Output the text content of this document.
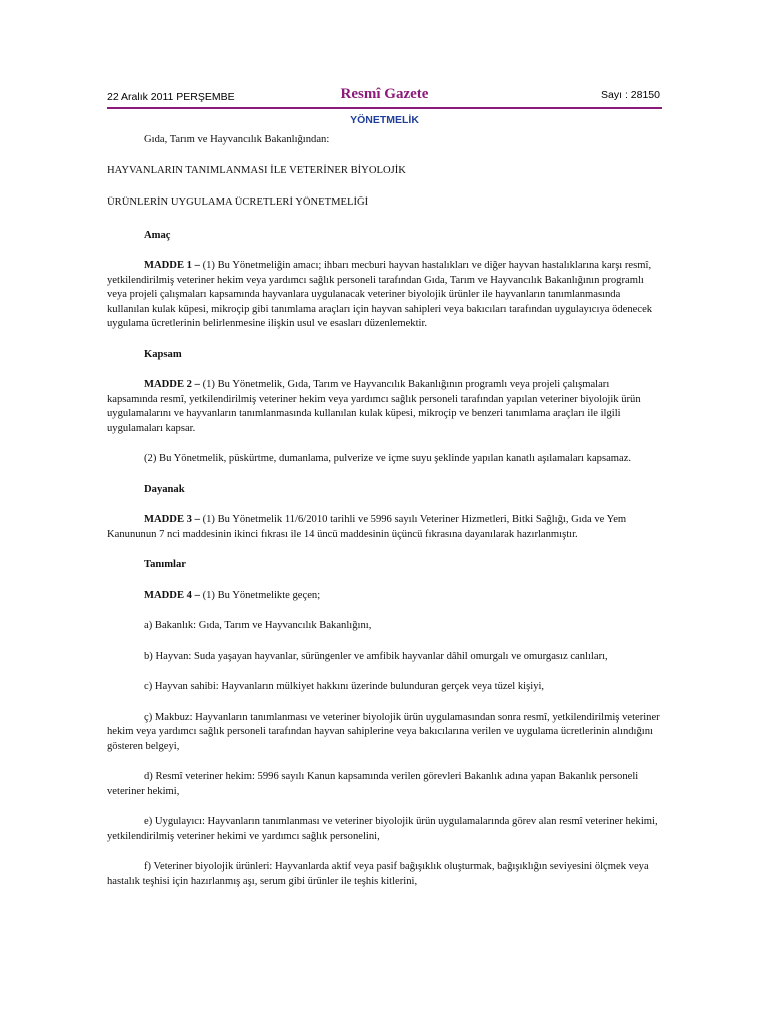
22 Aralık 2011 PERŞEMBE	Resmî Gazete	Sayı : 28150
YÖNETMELİK

Gıda, Tarım ve Hayvancılık Bakanlığından:

HAYVANLARIN TANIMLANMASI İLE VETERİNER BİYOLOJİK

ÜRÜNLERİN UYGULAMA ÜCRETLERİ YÖNETMELİĞİ

Amaç

MADDE 1 – (1) Bu Yönetmeliğin amacı; ihbarı mecburi hayvan hastalıkları ve diğer hayvan hastalıklarına karşı resmî, yetkilendirilmiş veteriner hekim veya yardımcı sağlık personeli tarafından Gıda, Tarım ve Hayvancılık Bakanlığının programlı veya projeli çalışmaları kapsamında hayvanlara uygulanacak veteriner biyolojik ürünler ile hayvanların tanımlanmasında kullanılan kulak küpesi, mikroçip gibi tanımlama araçları için hayvan sahipleri veya bakıcıları tarafından uygulayıcıya ödenecek uygulama ücretlerinin belirlenmesine ilişkin usul ve esasları düzenlemektir.

Kapsam

MADDE 2 – (1) Bu Yönetmelik, Gıda, Tarım ve Hayvancılık Bakanlığının programlı veya projeli çalışmaları kapsamında resmî, yetkilendirilmiş veteriner hekim veya yardımcı sağlık personeli tarafından yapılan veteriner biyolojik ürün uygulamalarını ve hayvanların tanımlanmasında kullanılan kulak küpesi, mikroçip ve benzeri tanımlama araçları ile ilgili uygulamaları kapsar.

(2) Bu Yönetmelik, püskürtme, dumanlama, pulverize ve içme suyu şeklinde yapılan kanatlı aşılamaları kapsamaz.

Dayanak

MADDE 3 – (1) Bu Yönetmelik 11/6/2010 tarihli ve 5996 sayılı Veteriner Hizmetleri, Bitki Sağlığı, Gıda ve Yem Kanununun 7 nci maddesinin ikinci fıkrası ile 14 üncü maddesinin üçüncü fıkrasına dayanılarak hazırlanmıştır.

Tanımlar

MADDE 4 – (1) Bu Yönetmelikte geçen;

a) Bakanlık: Gıda, Tarım ve Hayvancılık Bakanlığını,

b) Hayvan: Suda yaşayan hayvanlar, sürüngenler ve amfibik hayvanlar dâhil omurgalı ve omurgasız canlıları,

c) Hayvan sahibi: Hayvanların mülkiyet hakkını üzerinde bulunduran gerçek veya tüzel kişiyi,

ç) Makbuz: Hayvanların tanımlanması ve veteriner biyolojik ürün uygulamasından sonra resmî, yetkilendirilmiş veteriner hekim veya yardımcı sağlık personeli tarafından hayvan sahiplerine veya bakıcılarına verilen ve uygulama ücretlerinin alındığını gösteren belgeyi,

d) Resmî veteriner hekim: 5996 sayılı Kanun kapsamında verilen görevleri Bakanlık adına yapan Bakanlık personeli veteriner hekimi,

e) Uygulayıcı: Hayvanların tanımlanması ve veteriner biyolojik ürün uygulamalarında görev alan resmî veteriner hekimi, yetkilendirilmiş veteriner hekimi ve yardımcı sağlık personelini,

f) Veteriner biyolojik ürünleri: Hayvanlarda aktif veya pasif bağışıklık oluşturmak, bağışıklığın seviyesini ölçmek veya hastalık teşhisi için hazırlanmış aşı, serum gibi ürünler ile teşhis kitlerini,
